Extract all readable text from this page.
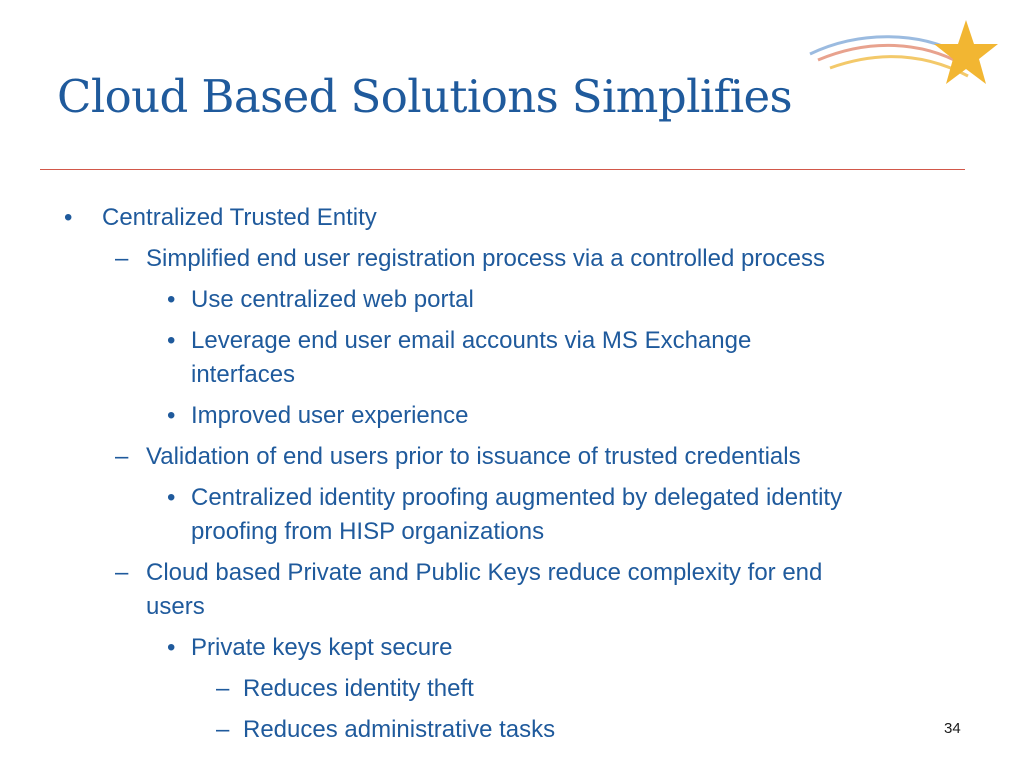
Cloud Based Solutions Simplifies
• Centralized Trusted Entity
– Simplified end user registration process via a controlled process
• Use centralized web portal
• Leverage end user email accounts via MS Exchange
interfaces
• Improved user experience
– Validation of end users prior to issuance of trusted credentials
• Centralized identity proofing augmented by delegated identity
proofing from HISP organizations
– Cloud based Private and Public Keys reduce complexity for end
users
• Private keys kept secure
– Reduces identity theft
– Reduces administrative tasks	34
